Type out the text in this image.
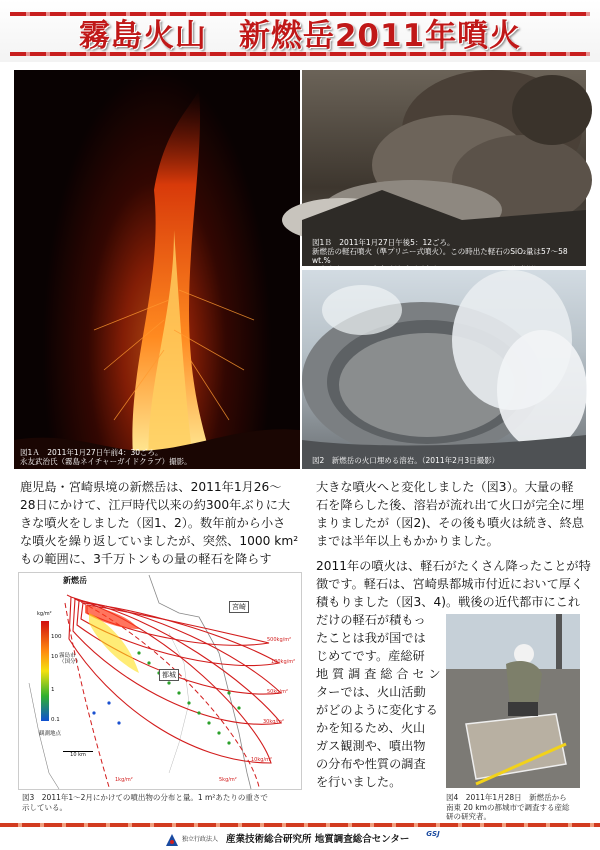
霧島火山　新燃岳2011年噴火
図1Ａ　2011年1月27日午前4：30ごろ。
永友武治氏（霧島ネイチャーガイドクラブ）撮影。
図1Ｂ　2011年1月27日午後5：12ごろ。
新燃岳の軽石噴火（準プリニー式噴火）。この時出た軽石のSiO₂量は57～58 wt.%
図2　新燃岳の火口埋める溶岩。（2011年2月3日撮影）
鹿児島・宮崎県境の新燃岳は、2011年1月26～
28日にかけて、江戸時代以来の約300年ぶりに大
きな噴火をしました（図1、2）。数年前から小さ
な噴火を繰り返していましたが、突然、1000 km²
もの範囲に、3千万トンもの量の軽石を降らす
大きな噴火へと変化しました（図3）。大量の軽
石を降らした後、溶岩が流れ出て火口が完全に埋
まりましたが（図2)、その後も噴火は続き、終息
までは半年以上もかかりました。
2011年の噴火は、軽石がたくさん降ったことが特
徴です。軽石は、宮崎県都城市付近において厚く
積もりました（図3、4)。戦後の近代都市にこれ
だけの軽石が積もっ
たことは我が国では
じめてです。産総研
地 質 調 査 総 合 セ ン
ターでは、火山活動
がどのように変化する
かを知るため、火山
ガス観測や、噴出物
の分布や性質の調査
を行いました。
新燃岳
宮崎
都城
kg/m²
100
10
1
0.1
霧島市
（国分）
観測地点
10 km
500kg/m²
100kg/m²
50kg/m²
30kg/m²
10kg/m²
5kg/m²
1kg/m²
図3　2011年1～2月にかけての噴出物の分布と量。1 m²あたりの重さで
示している。
図4　2011年1月28日　新燃岳から
南東 20 kmの都城市で調査する産総
研の研究者。
独立行政法人 産業技術総合研究所 地質調査総合センター	GSJ
